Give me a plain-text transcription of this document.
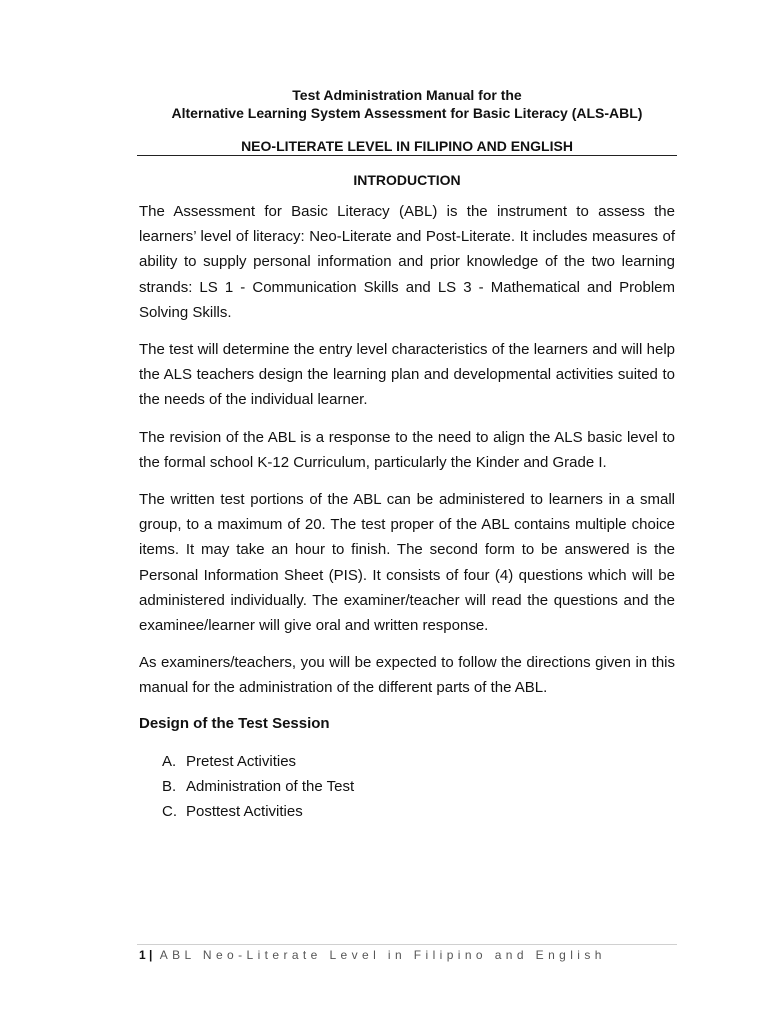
Test Administration Manual for the
Alternative Learning System Assessment for Basic Literacy (ALS-ABL)
NEO-LITERATE LEVEL IN FILIPINO AND ENGLISH
INTRODUCTION

The Assessment for Basic Literacy (ABL) is the instrument to assess the learners’ level of literacy: Neo-Literate and Post-Literate. It includes measures of ability to supply personal information and prior knowledge of the two learning strands: LS 1 - Communication Skills and LS 3 - Mathematical and Problem Solving Skills.

The test will determine the entry level characteristics of the learners and will help the ALS teachers design the learning plan and developmental activities suited to the needs of the individual learner.

The revision of the ABL is a response to the need to align the ALS basic level to the formal school K-12 Curriculum, particularly the Kinder and Grade I.

The written test portions of the ABL can be administered to learners in a small group, to a maximum of 20. The test proper of the ABL contains multiple choice items. It may take an hour to finish. The second form to be answered is the Personal Information Sheet (PIS). It consists of four (4) questions which will be administered individually. The examiner/teacher will read the questions and the examinee/learner will give oral and written response.

As examiners/teachers, you will be expected to follow the directions given in this manual for the administration of the different parts of the ABL.

Design of the Test Session
A. Pretest Activities
B. Administration of the Test
C. Posttest Activities
1 | ABL Neo-Literate Level in Filipino and English
